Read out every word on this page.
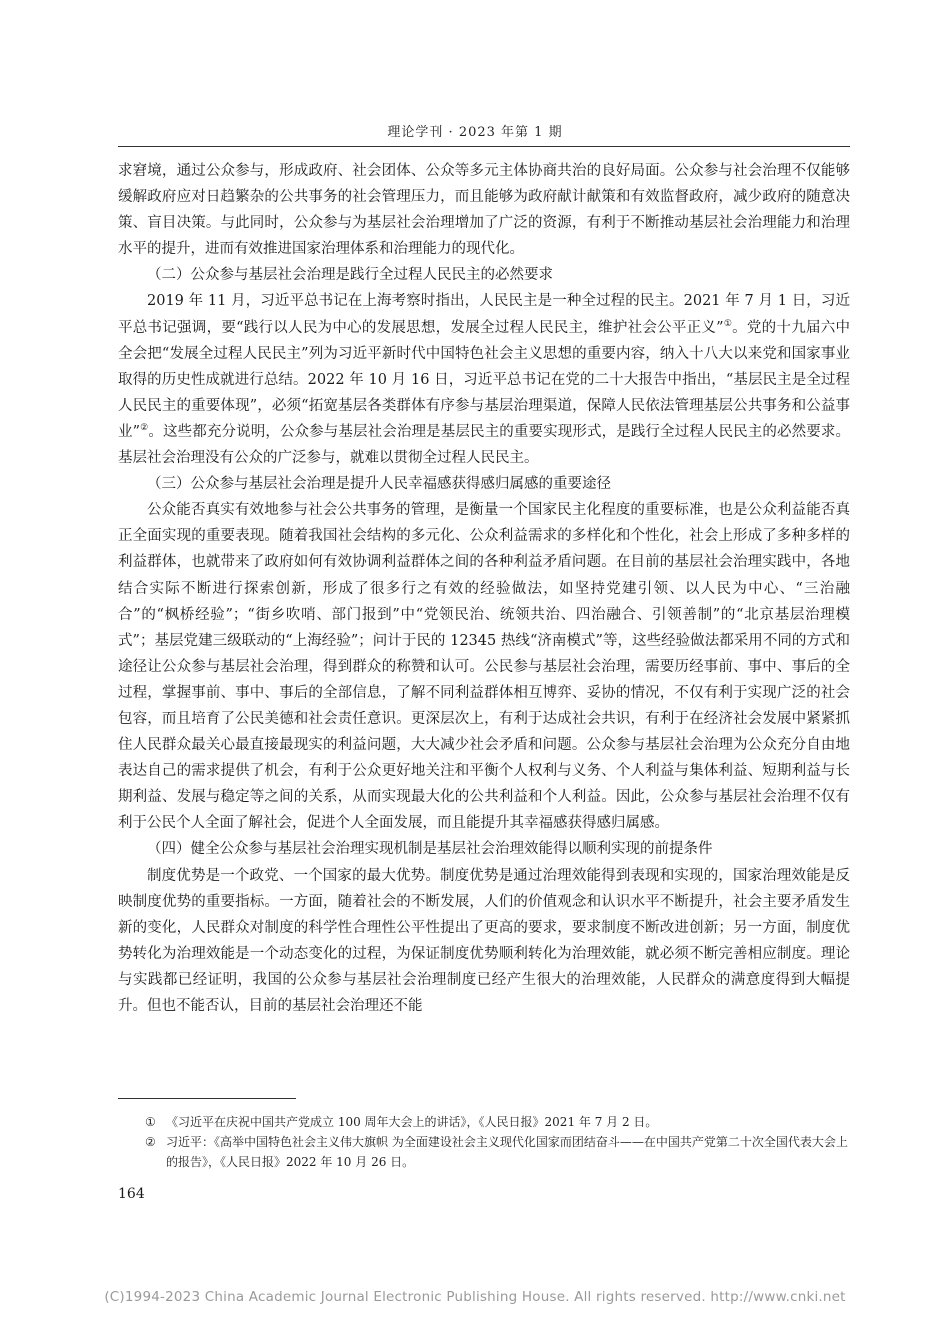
理论学刊 · 2023 年第 1 期

求窘境，通过公众参与，形成政府、社会团体、公众等多元主体协商共治的良好局面。公众参与社会治理不仅能够缓解政府应对日趋繁杂的公共事务的社会管理压力，而且能够为政府献计献策和有效监督政府，减少政府的随意决策、盲目决策。与此同时，公众参与为基层社会治理增加了广泛的资源，有利于不断推动基层社会治理能力和治理水平的提升，进而有效推进国家治理体系和治理能力的现代化。

（二）公众参与基层社会治理是践行全过程人民民主的必然要求

2019 年 11 月，习近平总书记在上海考察时指出，人民民主是一种全过程的民主。2021 年 7 月 1 日，习近平总书记强调，要“践行以人民为中心的发展思想，发展全过程人民民主，维护社会公平正义”①。党的十九届六中全会把“发展全过程人民民主”列为习近平新时代中国特色社会主义思想的重要内容，纳入十八大以来党和国家事业取得的历史性成就进行总结。2022 年 10 月 16 日，习近平总书记在党的二十大报告中指出，“基层民主是全过程人民民主的重要体现”，必须“拓宽基层各类群体有序参与基层治理渠道，保障人民依法管理基层公共事务和公益事业”②。这些都充分说明，公众参与基层社会治理是基层民主的重要实现形式，是践行全过程人民民主的必然要求。基层社会治理没有公众的广泛参与，就难以贯彻全过程人民民主。

（三）公众参与基层社会治理是提升人民幸福感获得感归属感的重要途径

公众能否真实有效地参与社会公共事务的管理，是衡量一个国家民主化程度的重要标准，也是公众利益能否真正全面实现的重要表现。随着我国社会结构的多元化、公众利益需求的多样化和个性化，社会上形成了多种多样的利益群体，也就带来了政府如何有效协调利益群体之间的各种利益矛盾问题。在目前的基层社会治理实践中，各地结合实际不断进行探索创新，形成了很多行之有效的经验做法，如坚持党建引领、以人民为中心、“三治融合”的“枫桥经验”；“街乡吹哨、部门报到”中“党领民治、统领共治、四治融合、引领善制”的“北京基层治理模式”；基层党建三级联动的“上海经验”；问计于民的 12345 热线“济南模式”等，这些经验做法都采用不同的方式和途径让公众参与基层社会治理，得到群众的称赞和认可。公民参与基层社会治理，需要历经事前、事中、事后的全过程，掌握事前、事中、事后的全部信息，了解不同利益群体相互博弈、妥协的情况，不仅有利于实现广泛的社会包容，而且培育了公民美德和社会责任意识。更深层次上，有利于达成社会共识，有利于在经济社会发展中紧紧抓住人民群众最关心最直接最现实的利益问题，大大减少社会矛盾和问题。公众参与基层社会治理为公众充分自由地表达自己的需求提供了机会，有利于公众更好地关注和平衡个人权利与义务、个人利益与集体利益、短期利益与长期利益、发展与稳定等之间的关系，从而实现最大化的公共利益和个人利益。因此，公众参与基层社会治理不仅有利于公民个人全面了解社会，促进个人全面发展，而且能提升其幸福感获得感归属感。

（四）健全公众参与基层社会治理实现机制是基层社会治理效能得以顺利实现的前提条件

制度优势是一个政党、一个国家的最大优势。制度优势是通过治理效能得到表现和实现的，国家治理效能是反映制度优势的重要指标。一方面，随着社会的不断发展，人们的价值观念和认识水平不断提升，社会主要矛盾发生新的变化，人民群众对制度的科学性合理性公平性提出了更高的要求，要求制度不断改进创新；另一方面，制度优势转化为治理效能是一个动态变化的过程，为保证制度优势顺利转化为治理效能，就必须不断完善相应制度。理论与实践都已经证明，我国的公众参与基层社会治理制度已经产生很大的治理效能，人民群众的满意度得到大幅提升。但也不能否认，目前的基层社会治理还不能

① 《习近平在庆祝中国共产党成立 100 周年大会上的讲话》，《人民日报》2021 年 7 月 2 日。
② 习近平：《高举中国特色社会主义伟大旗帜 为全面建设社会主义现代化国家而团结奋斗——在中国共产党第二十次全国代表大会上的报告》，《人民日报》2022 年 10 月 26 日。
164
(C)1994-2023 China Academic Journal Electronic Publishing House. All rights reserved. http://www.cnki.net
